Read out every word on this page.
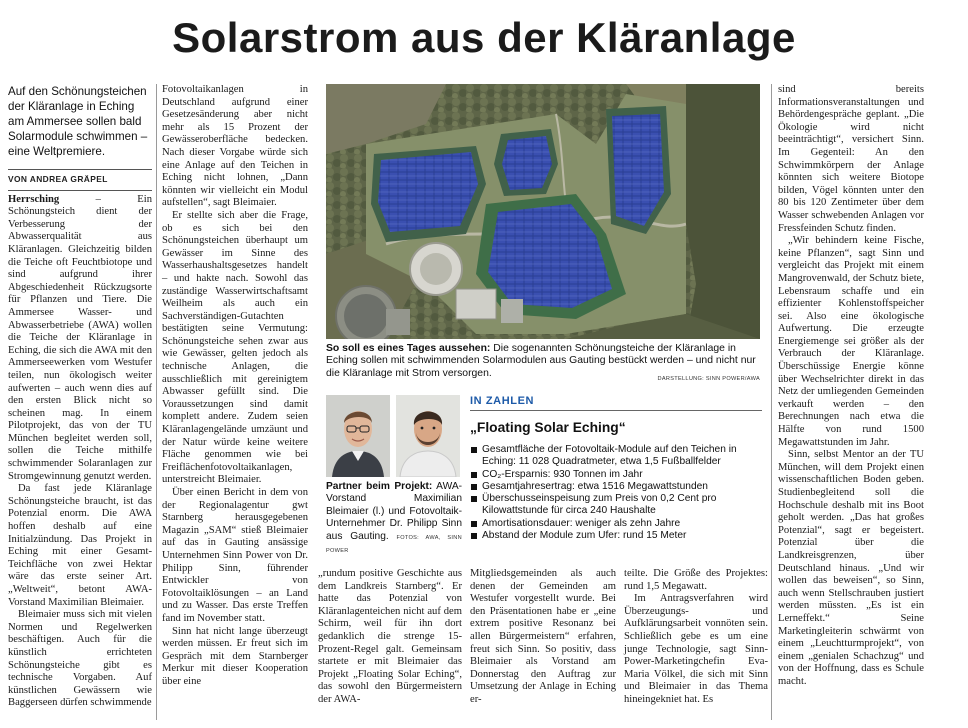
Solarstrom aus der Kläranlage
Auf den Schönungsteichen der Kläranlage in Eching am Ammersee sollen bald Solarmodule schwimmen – eine Weltpremiere.
VON ANDREA GRÄPEL

Herrsching – Ein Schönungsteich dient der Verbesserung der Abwasserqualität aus Kläranlagen. Gleichzeitig bilden die Teiche oft Feuchtbiotope und sind aufgrund ihrer Abgeschiedenheit Rückzugsorte für Pflanzen und Tiere. Die Ammersee Wasser- und Abwasserbetriebe (AWA) wollen die Teiche der Kläranlage in Eching, die sich die AWA mit den Ammerseewerken vom Westufer teilen, nun ökologisch weiter aufwerten – auch wenn dies auf den ersten Blick nicht so scheinen mag. In einem Pilotprojekt, das von der TU München begleitet werden soll, sollen die Teiche mithilfe schwimmender Solaranlagen zur Stromgewinnung genutzt werden.

Da fast jede Kläranlage Schönungsteiche braucht, ist das Potenzial enorm. Die AWA hoffen deshalb auf eine Initialzündung. Das Projekt in Eching mit einer Gesamt-Teichfläche von zwei Hektar wäre das erste seiner Art. „Weltweit“, betont AWA-Vorstand Maximilian Bleimaier.

Bleimaier muss sich mit vielen Normen und Regelwerken beschäftigen. Auch für die künstlich errichteten Schönungsteiche gibt es technische Vorgaben. Auf künstlichen Gewässern wie Baggerseen dürfen schwimmende

Fotovoltaikanlagen in Deutschland aufgrund einer Gesetzesänderung aber nicht mehr als 15 Prozent der Gewässeroberfläche bedecken. Nach dieser Vorgabe würde sich eine Anlage auf den Teichen in Eching nicht lohnen, „Dann könnten wir vielleicht ein Modul aufstellen“, sagt Bleimaier.

Er stellte sich aber die Frage, ob es sich bei den Schönungsteichen überhaupt um Gewässer im Sinne des Wasserhaushaltsgesetzes handelt – und hakte nach. Sowohl das zuständige Wasserwirtschaftsamt Weilheim als auch ein Sachverständigen-Gutachten bestätigten seine Vermutung: Schönungsteiche sehen zwar aus wie Gewässer, gelten jedoch als technische Anlagen, die ausschließlich mit gereinigtem Abwasser gefüllt sind. Die Voraussetzungen sind damit komplett andere. Zudem seien Kläranlagengelände umzäunt und der Natur würde keine weitere Fläche genommen wie bei Freiflächenfotovoltaikanlagen, unterstreicht Bleimaier.

Über einen Bericht in dem von der Regionalagentur gwt Starnberg herausgegebenen Magazin „SAM“ stieß Bleimaier auf das in Gauting ansässige Unternehmen Sinn Power von Dr. Philipp Sinn, führender Entwickler von Fotovoltaiklösungen – an Land und zu Wasser. Das erste Treffen fand im November statt.

Sinn hat nicht lange überzeugt werden müssen. Er freut sich im Gespräch mit dem Starnberger Merkur mit dieser Kooperation über eine

So soll es eines Tages aussehen: Die sogenannten Schönungsteiche der Kläranlage in Eching sollen mit schwimmenden Solarmodulen aus Gauting bestückt werden – und nicht nur die Kläranlage mit Strom versorgen.
DARSTELLUNG: SINN POWER/AWA
Partner beim Projekt: AWA-Vorstand Maximilian Bleimaier (l.) und Fotovoltaik-Unternehmer Dr. Philipp Sinn aus Gauting. FOTOS: AWA, SINN POWER
IN ZAHLEN
„Floating Solar Eching“
Gesamtfläche der Fotovoltaik-Module auf den Teichen in Eching: 11 028 Quadratmeter, etwa 1,5 Fußballfelder
CO₂-Ersparnis: 930 Tonnen im Jahr
Gesamtjahresertrag: etwa 1516 Megawattstunden
Überschusseinspeisung zum Preis von 0,2 Cent pro Kilowattstunde für circa 240 Haushalte
Amortisationsdauer: weniger als zehn Jahre
Abstand der Module zum Ufer: rund 15 Meter

„rundum positive Geschichte aus dem Landkreis Starnberg“. Er hatte das Potenzial von Kläranlagenteichen nicht auf dem Schirm, weil für ihn dort gedanklich die strenge 15-Prozent-Regel galt. Gemeinsam startete er mit Bleimaier das Projekt „Floating Solar Eching“, das sowohl den Bürgermeistern der AWA-

Mitgliedsgemeinden als auch denen der Gemeinden am Westufer vorgestellt wurde. Bei den Präsentationen habe er „eine extrem positive Resonanz bei allen Bürgermeistern“ erfahren, freut sich Sinn. So positiv, dass Bleimaier als Vorstand am Donnerstag den Auftrag zur Umsetzung der Anlage in Eching er-

teilte. Die Größe des Projektes: rund 1,5 Megawatt.

Im Antragsverfahren wird Überzeugungs- und Aufklärungsarbeit vonnöten sein. Schließlich gebe es um eine junge Technologie, sagt Sinn-Power-Marketingchefin Eva-Maria Völkel, die sich mit Sinn und Bleimaier in das Thema hineingekniet hat. Es

sind bereits Informationsveranstaltungen und Behördengespräche geplant. „Die Ökologie wird nicht beeinträchtigt“, versichert Sinn. Im Gegenteil: An den Schwimmkörpern der Anlage könnten sich weitere Biotope bilden, Vögel könnten unter den 80 bis 120 Zentimeter über dem Wasser schwebenden Anlagen vor Fressfeinden Schutz finden.

„Wir behindern keine Fische, keine Pflanzen“, sagt Sinn und vergleicht das Projekt mit einem Mangrovenwald, der Schutz biete, Lebensraum schaffe und ein effizienter Kohlenstoffspeicher sei. Also eine ökologische Aufwertung. Die erzeugte Energiemenge sei größer als der Verbrauch der Kläranlage. Überschüssige Energie könne über Wechselrichter direkt in das Netz der umliegenden Gemeinden verkauft werden – den Berechnungen nach etwa die Hälfte von rund 1500 Megawattstunden im Jahr.

Sinn, selbst Mentor an der TU München, will dem Projekt einen wissenschaftlichen Boden geben. Studienbegleitend soll die Hochschule deshalb mit ins Boot geholt werden. „Das hat großes Potenzial“, sagt er begeistert. Potenzial über die Landkreisgrenzen, über Deutschland hinaus. „Und wir wollen das beweisen“, so Sinn, auch wenn Stellschrauben justiert werden müssten. „Es ist ein Lerneffekt.“ Seine Marketingleiterin schwärmt von einem „Leuchtturmprojekt“, von einem „genialen Schachzug“ und von der Hoffnung, dass es Schule macht.
